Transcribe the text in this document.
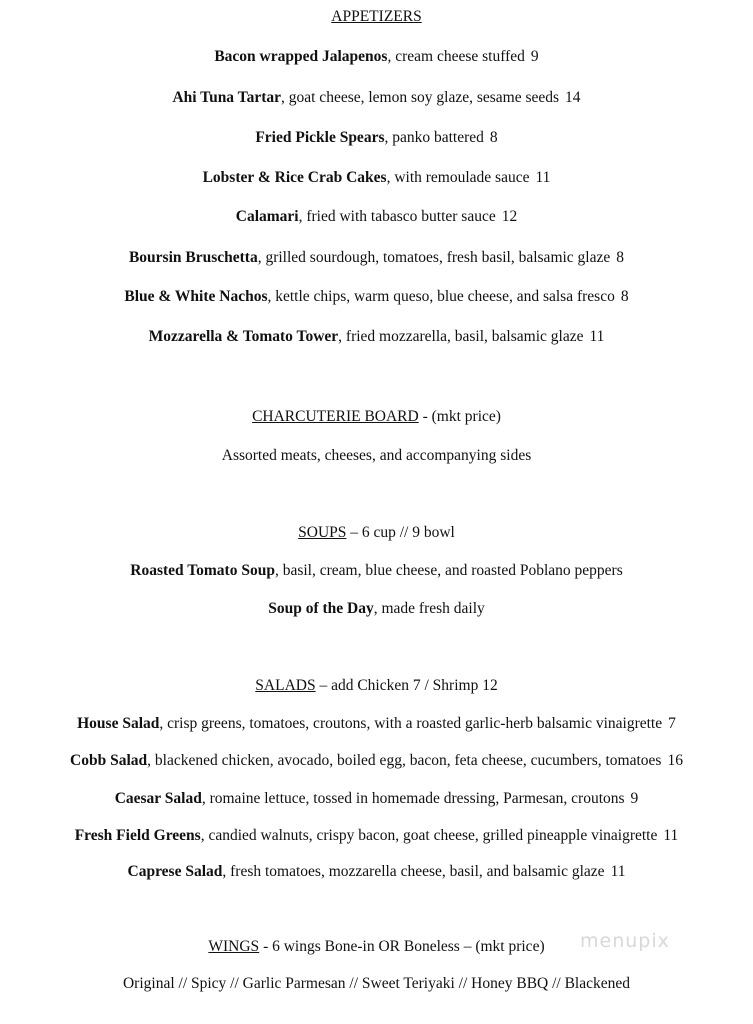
APPETIZERS
Bacon wrapped Jalapenos, cream cheese stuffed 9
Ahi Tuna Tartar, goat cheese, lemon soy glaze, sesame seeds 14
Fried Pickle Spears, panko battered 8
Lobster & Rice Crab Cakes, with remoulade sauce 11
Calamari, fried with tabasco butter sauce 12
Boursin Bruschetta, grilled sourdough, tomatoes, fresh basil, balsamic glaze 8
Blue & White Nachos, kettle chips, warm queso, blue cheese, and salsa fresco 8
Mozzarella & Tomato Tower, fried mozzarella, basil, balsamic glaze 11
CHARCUTERIE BOARD - (mkt price)
Assorted meats, cheeses, and accompanying sides
SOUPS – 6 cup // 9 bowl
Roasted Tomato Soup, basil, cream, blue cheese, and roasted Poblano peppers
Soup of the Day, made fresh daily
SALADS – add Chicken 7 / Shrimp 12
House Salad, crisp greens, tomatoes, croutons, with a roasted garlic-herb balsamic vinaigrette 7
Cobb Salad, blackened chicken, avocado, boiled egg, bacon, feta cheese, cucumbers, tomatoes 16
Caesar Salad, romaine lettuce, tossed in homemade dressing, Parmesan, croutons 9
Fresh Field Greens, candied walnuts, crispy bacon, goat cheese, grilled pineapple vinaigrette 11
Caprese Salad, fresh tomatoes, mozzarella cheese, basil, and balsamic glaze 11
WINGS - 6 wings Bone-in OR Boneless – (mkt price)
Original // Spicy // Garlic Parmesan // Sweet Teriyaki // Honey BBQ // Blackened
menupix
